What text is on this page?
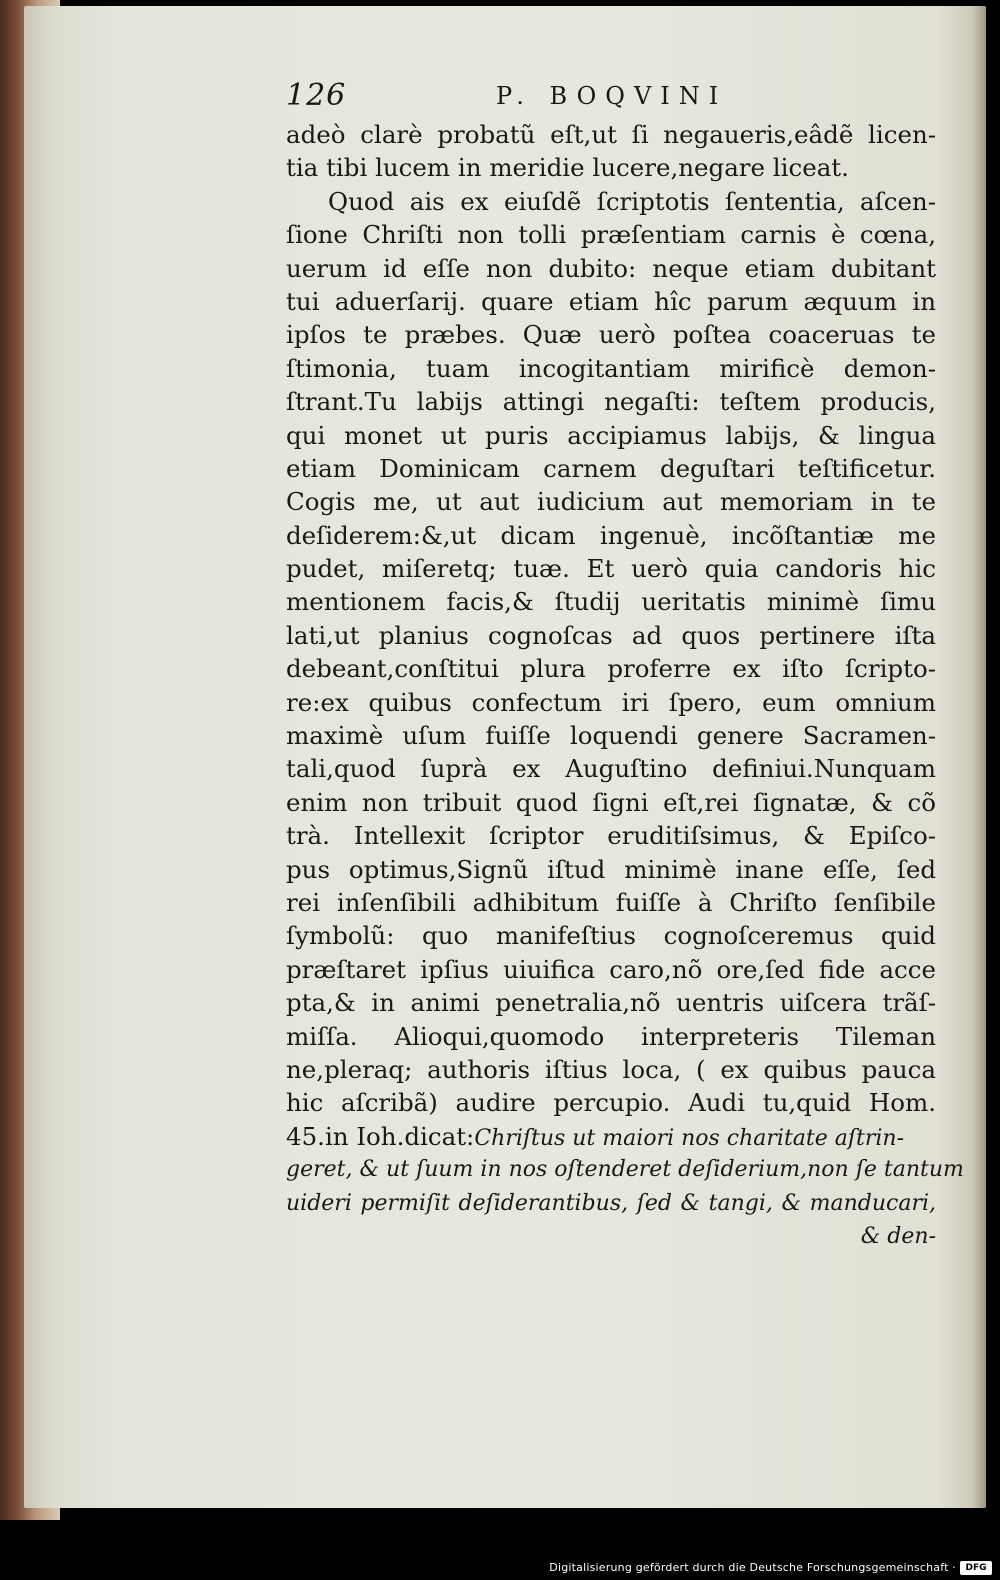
126	P. BOQVINI
adeò clarè probatũ eſt,ut ſi negaueris,eâdẽ licen-
tia tibi lucem in meridie lucere,negare liceat.
Quod ais ex eiuſdẽ ſcriptotis ſententia, aſcen-
ſione Chriſti non tolli præſentiam carnis è cœna,
uerum id eſſe non dubito: neque etiam dubitant
tui aduerſarij. quare etiam hîc parum æquum in
ipſos te præbes. Quæ uerò poſtea coaceruas te
ſtimonia, tuam incogitantiam mirificè demon-
ſtrant.Tu labijs attingi negaſti: teſtem producis,
qui monet ut puris accipiamus labijs, & lingua
etiam Dominicam carnem deguſtari teſtificetur.
Cogis me, ut aut iudicium aut memoriam in te
deſiderem:&,ut dicam ingenuè, incõſtantiæ me
pudet, miſeretq; tuæ. Et uerò quia candoris hic
mentionem facis,& ſtudij ueritatis minimè ſimu
lati,ut planius cognoſcas ad quos pertinere iſta
debeant,conſtitui plura proferre ex iſto ſcripto-
re:ex quibus confectum iri ſpero, eum omnium
maximè uſum fuiſſe loquendi genere Sacramen-
tali,quod ſuprà ex Auguſtino definiui.Nunquam
enim non tribuit quod ſigni eſt,rei ſignatæ, & cõ
trà. Intellexit ſcriptor eruditiſsimus, & Epiſco-
pus optimus,Signũ iſtud minimè inane eſſe, ſed
rei inſenſibili adhibitum fuiſſe à Chriſto ſenſibile
ſymbolũ: quo manifeſtius cognoſceremus quid
præſtaret ipſius uiuifica caro,nõ ore,ſed fide acce
pta,& in animi penetralia,nõ uentris uiſcera trãſ-
miſſa. Alioqui,quomodo interpreteris Tileman
ne,pleraq; authoris iſtius loca, ( ex quibus pauca
hic aſcribã) audire percupio. Audi tu,quid Hom.
45.in Ioh.dicat:Chriſtus ut maiori nos charitate aſtrin-
geret, & ut ſuum in nos oſtenderet deſiderium,non ſe tantum
uideri permiſit deſiderantibus, ſed & tangi, & manducari,
& den-
Digitalisierung gefördert durch die Deutsche Forschungsgemeinschaft ·	DFG
